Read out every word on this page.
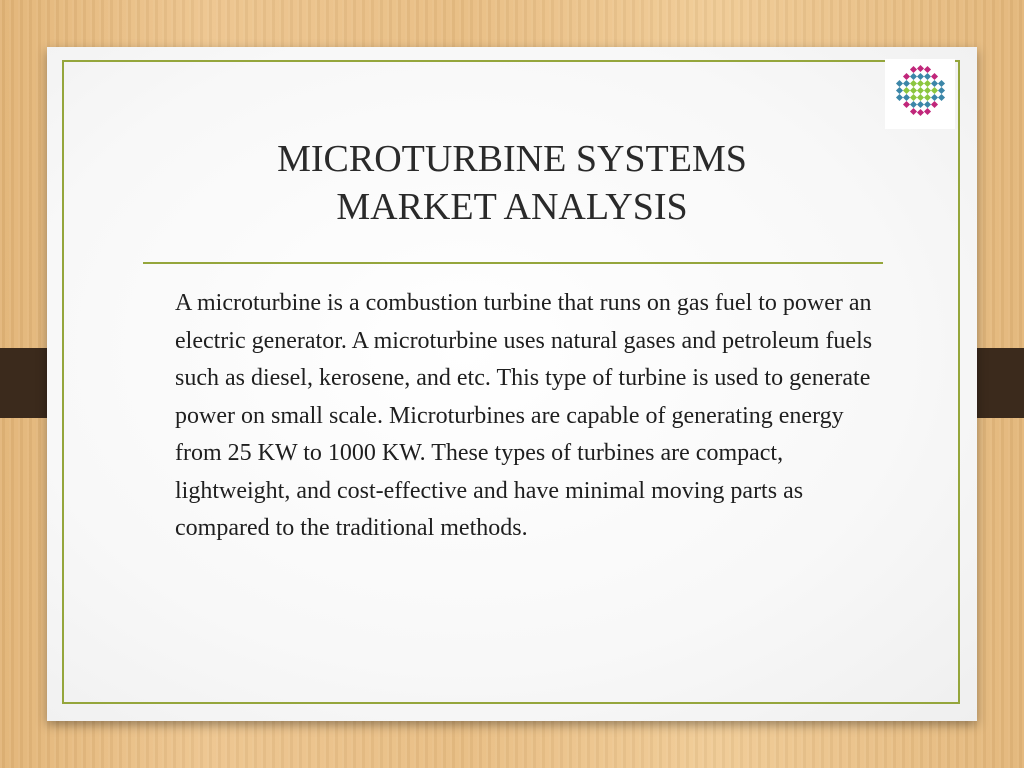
MICROTURBINE SYSTEMS
MARKET ANALYSIS

A microturbine is a combustion turbine that runs on gas fuel to power an electric generator. A microturbine uses natural gases and petroleum fuels such as diesel, kerosene, and etc. This type of turbine is used to generate power on small scale. Microturbines are capable of generating energy from 25 KW to 1000 KW. These types of turbines are compact, lightweight, and cost-effective and have minimal moving parts as compared to the traditional methods.
